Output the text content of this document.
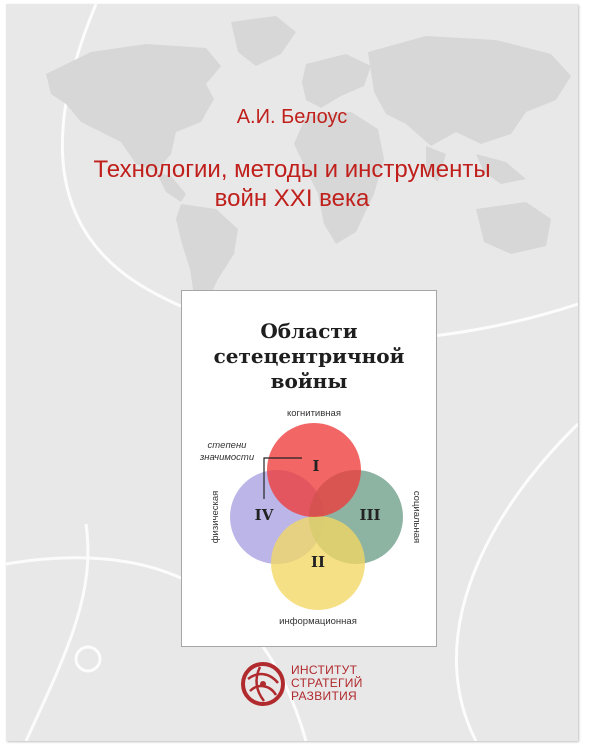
А.И. Белоус
Технологии, методы и инструменты
войн XXI века
Области
сетецентричной
войны
когнитивная
информационная
физическая	социальная
степени
значимости	I
IV	III
II
ИНСТИТУТ
СТРАТЕГИЙ
РАЗВИТИЯ
